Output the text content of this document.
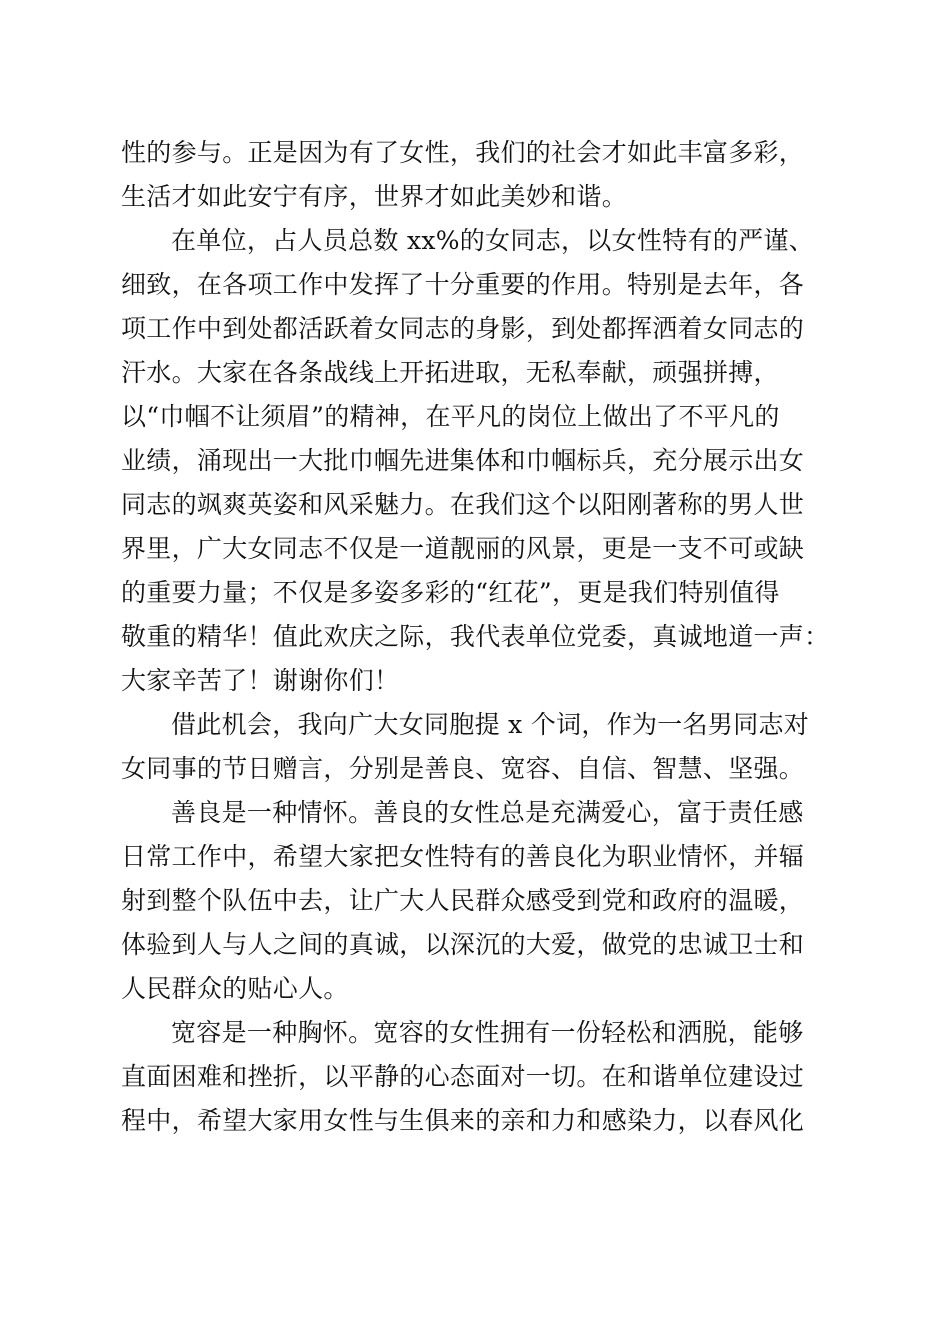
性的参与。正是因为有了女性，我们的社会才如此丰富多彩，
生活才如此安宁有序，世界才如此美妙和谐。
在单位，占人员总数 xx%的女同志，以女性特有的严谨、
细致，在各项工作中发挥了十分重要的作用。特别是去年，各
项工作中到处都活跃着女同志的身影，到处都挥洒着女同志的
汗水。大家在各条战线上开拓进取，无私奉献，顽强拼搏，
以“巾帼不让须眉”的精神，在平凡的岗位上做出了不平凡的
业绩，涌现出一大批巾帼先进集体和巾帼标兵，充分展示出女
同志的飒爽英姿和风采魅力。在我们这个以阳刚著称的男人世
界里，广大女同志不仅是一道靓丽的风景，更是一支不可或缺
的重要力量；不仅是多姿多彩的“红花”，更是我们特别值得
敬重的精华！值此欢庆之际，我代表单位党委，真诚地道一声：
大家辛苦了！谢谢你们！
借此机会，我向广大女同胞提 x 个词，作为一名男同志对
女同事的节日赠言，分别是善良、宽容、自信、智慧、坚强。
善良是一种情怀。善良的女性总是充满爱心，富于责任感
日常工作中，希望大家把女性特有的善良化为职业情怀，并辐
射到整个队伍中去，让广大人民群众感受到党和政府的温暖，
体验到人与人之间的真诚，以深沉的大爱，做党的忠诚卫士和
人民群众的贴心人。
宽容是一种胸怀。宽容的女性拥有一份轻松和洒脱，能够
直面困难和挫折，以平静的心态面对一切。在和谐单位建设过
程中，希望大家用女性与生俱来的亲和力和感染力，以春风化
